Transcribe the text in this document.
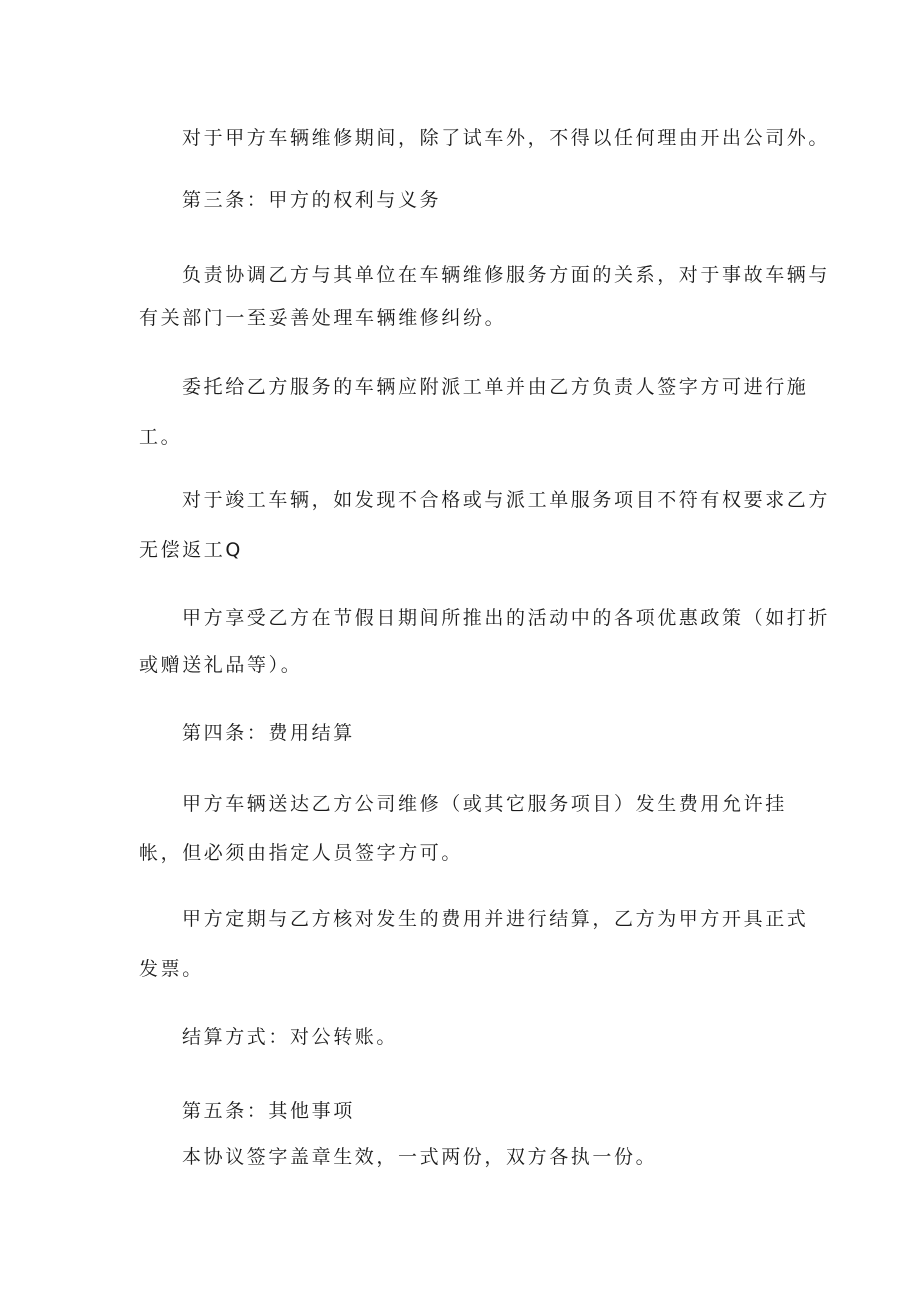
对于甲方车辆维修期间，除了试车外，不得以任何理由开出公司外。
第三条：甲方的权利与义务
负责协调乙方与其单位在车辆维修服务方面的关系，对于事故车辆与
有关部门一至妥善处理车辆维修纠纷。
委托给乙方服务的车辆应附派工单并由乙方负责人签字方可进行施
工。
对于竣工车辆，如发现不合格或与派工单服务项目不符有权要求乙方
无偿返工Q
甲方享受乙方在节假日期间所推出的活动中的各项优惠政策（如打折
或赠送礼品等）。
第四条：费用结算
甲方车辆送达乙方公司维修（或其它服务项目）发生费用允许挂
帐，但必须由指定人员签字方可。
甲方定期与乙方核对发生的费用并进行结算，乙方为甲方开具正式
发票。
结算方式：对公转账。
第五条：其他事项
本协议签字盖章生效，一式两份，双方各执一份。
